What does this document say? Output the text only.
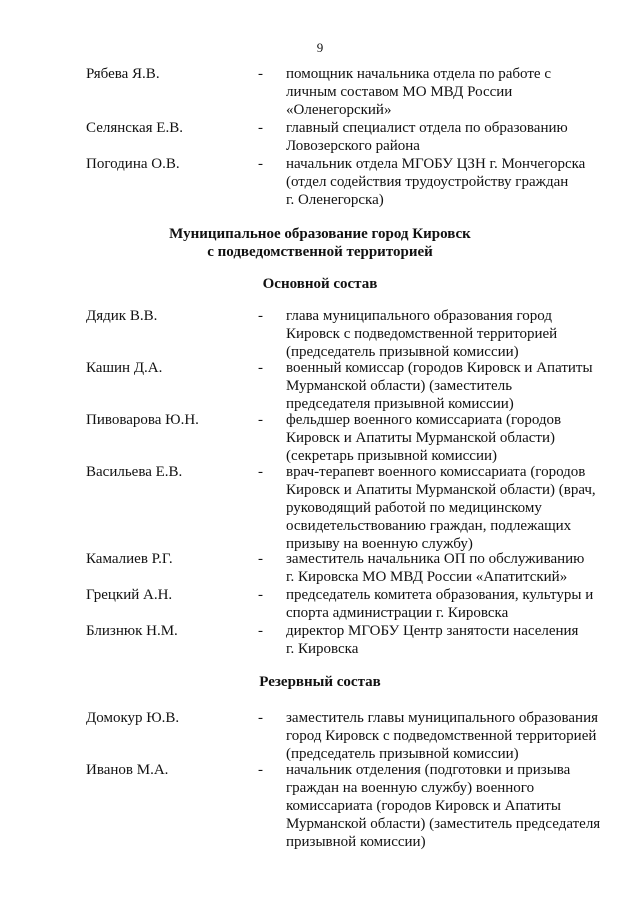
9
Рябева Я.В.	- помощник начальника отдела по работе с
личным составом МО МВД России
«Оленегорский»
Селянская Е.В.	- главный специалист отдела по образованию
Ловозерского района
Погодина О.В.	- начальник отдела МГОБУ ЦЗН г. Мончегорска
(отдел содействия трудоустройству граждан
г. Оленегорска)
Муниципальное образование город Кировск
с подведомственной территорией
Основной состав
Дядик В.В.	- глава муниципального образования город
Кировск с подведомственной территорией
(председатель призывной комиссии)
Кашин Д.А.	- военный комиссар (городов Кировск и Апатиты
Мурманской области) (заместитель
председателя призывной комиссии)
Пивоварова Ю.Н.	- фельдшер военного комиссариата (городов
Кировск и Апатиты Мурманской области)
(секретарь призывной комиссии)
Васильева Е.В.	- врач-терапевт военного комиссариата (городов
Кировск и Апатиты Мурманской области) (врач,
руководящий работой по медицинскому
освидетельствованию граждан, подлежащих
призыву на военную службу)
Камалиев Р.Г.	- заместитель начальника ОП по обслуживанию
г. Кировска МО МВД России «Апатитский»
Грецкий А.Н.	- председатель комитета образования, культуры и
спорта администрации г. Кировска
Близнюк Н.М.	- директор МГОБУ Центр занятости населения
г. Кировска
Резервный состав
Домокур Ю.В.	- заместитель главы муниципального образования
город Кировск с подведомственной территорией
(председатель призывной комиссии)
Иванов М.А.	- начальник отделения (подготовки и призыва
граждан на военную службу) военного
комиссариата (городов Кировск и Апатиты
Мурманской области) (заместитель председателя
призывной комиссии)
